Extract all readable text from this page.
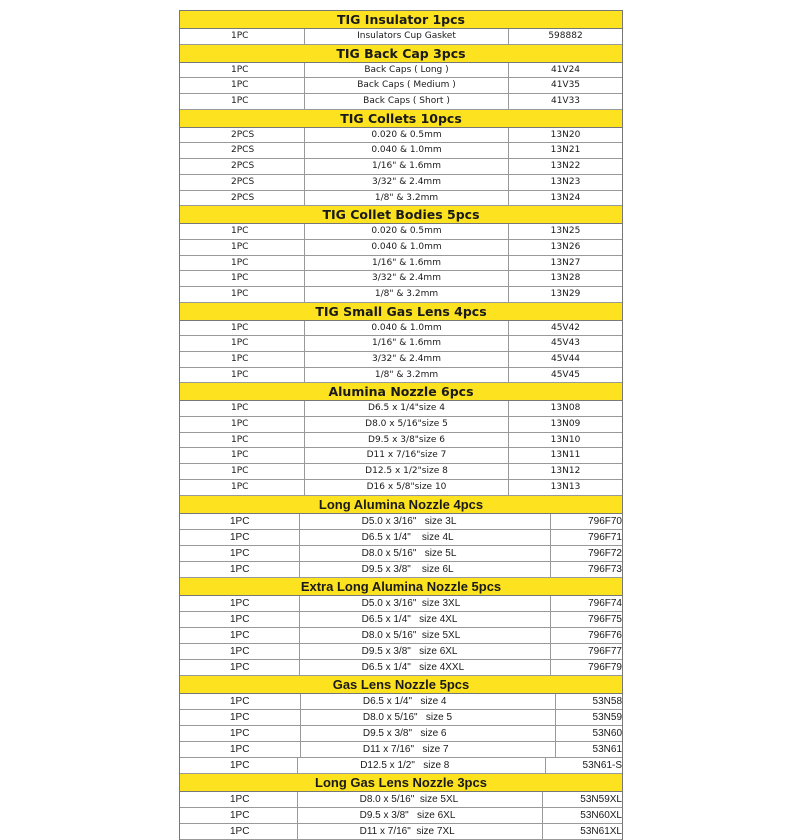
TIG Insulator 1pcs
1PC	Insulators Cup Gasket	598882
TIG Back Cap 3pcs
1PC	Back Caps ( Long )	41V24
1PC	Back Caps ( Medium )	41V35
1PC	Back Caps ( Short )	41V33
TIG Collets 10pcs
2PCS	0.020 & 0.5mm	13N20
2PCS	0.040 & 1.0mm	13N21
2PCS	1/16" & 1.6mm	13N22
2PCS	3/32" & 2.4mm	13N23
2PCS	1/8" & 3.2mm	13N24
TIG Collet Bodies 5pcs
1PC	0.020 & 0.5mm	13N25
1PC	0.040 & 1.0mm	13N26
1PC	1/16" & 1.6mm	13N27
1PC	3/32" & 2.4mm	13N28
1PC	1/8" & 3.2mm	13N29
TIG Small Gas Lens 4pcs
1PC	0.040 & 1.0mm	45V42
1PC	1/16" & 1.6mm	45V43
1PC	3/32" & 2.4mm	45V44
1PC	1/8" & 3.2mm	45V45
Alumina Nozzle 6pcs
1PC	D6.5 x 1/4"size 4	13N08
1PC	D8.0 x 5/16"size 5	13N09
1PC	D9.5 x 3/8"size 6	13N10
1PC	D11 x 7/16"size 7	13N11
1PC	D12.5 x 1/2"size 8	13N12
1PC	D16 x 5/8"size 10	13N13
Long Alumina Nozzle 4pcs
1PC	D5.0 x 3/16"   size 3L	796F70
1PC	D6.5 x 1/4"    size 4L	796F71
1PC	D8.0 x 5/16"   size 5L	796F72
1PC	D9.5 x 3/8"    size 6L	796F73
Extra Long Alumina Nozzle 5pcs
1PC	D5.0 x 3/16"  size 3XL	796F74
1PC	D6.5 x 1/4"   size 4XL	796F75
1PC	D8.0 x 5/16"  size 5XL	796F76
1PC	D9.5 x 3/8"   size 6XL	796F77
1PC	D6.5 x 1/4"   size 4XXL	796F79
Gas Lens Nozzle 5pcs
1PC	D6.5 x 1/4"   size 4	53N58
1PC	D8.0 x 5/16"   size 5	53N59
1PC	D9.5 x 3/8"   size 6	53N60
1PC	D11 x 7/16"   size 7	53N61
1PC	D12.5 x 1/2"   size 8	53N61-S
Long Gas Lens Nozzle 3pcs
1PC	D8.0 x 5/16"  size 5XL	53N59XL
1PC	D9.5 x 3/8"   size 6XL	53N60XL
1PC	D11 x 7/16"  size 7XL	53N61XL
